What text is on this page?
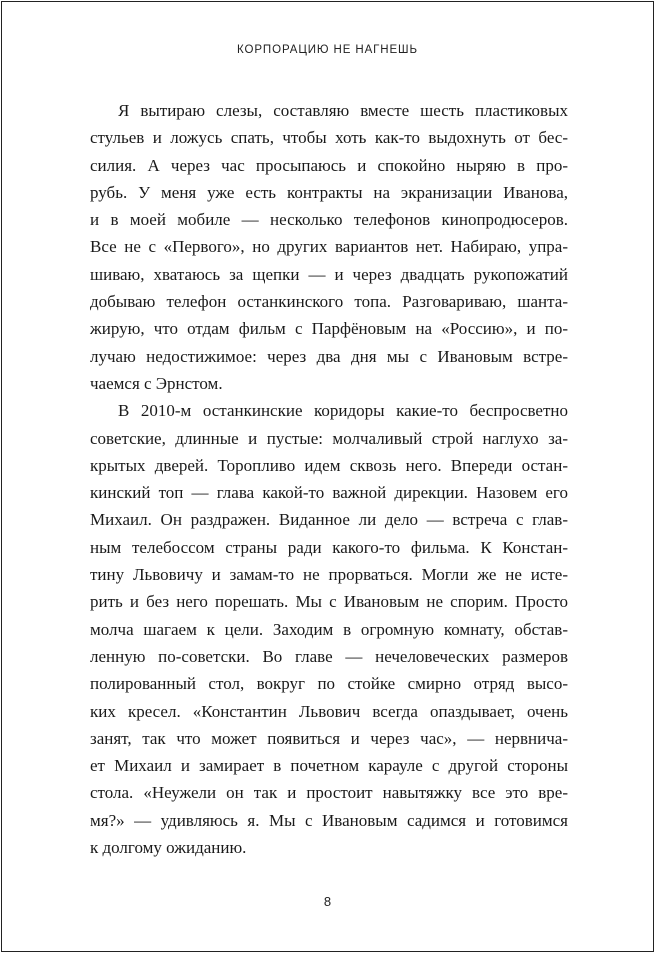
КОРПОРАЦИЮ НЕ НАГНЕШЬ
Я вытираю слезы, составляю вместе шесть пластиковых
стульев и ложусь спать, чтобы хоть как-то выдохнуть от бес-
силия. А через час просыпаюсь и спокойно ныряю в про-
рубь. У меня уже есть контракты на экранизации Иванова,
и в моей мобиле — несколько телефонов кинопродюсеров.
Все не с «Первого», но других вариантов нет. Набираю, упра-
шиваю, хватаюсь за щепки — и через двадцать рукопожатий
добываю телефон останкинского топа. Разговариваю, шанта-
жирую, что отдам фильм с Парфёновым на «Россию», и по-
лучаю недостижимое: через два дня мы с Ивановым встре-
чаемся с Эрнстом.
В 2010-м останкинские коридоры какие-то беспросветно
советские, длинные и пустые: молчаливый строй наглухо за-
крытых дверей. Торопливо идем сквозь него. Впереди остан-
кинский топ — глава какой-то важной дирекции. Назовем его
Михаил. Он раздражен. Виданное ли дело — встреча с глав-
ным телебоссом страны ради какого-то фильма. К Констан-
тину Львовичу и замам-то не прорваться. Могли же не исте-
рить и без него порешать. Мы с Ивановым не спорим. Просто
молча шагаем к цели. Заходим в огромную комнату, обстав-
ленную по-советски. Во главе — нечеловеческих размеров
полированный стол, вокруг по стойке смирно отряд высо-
ких кресел. «Константин Львович всегда опаздывает, очень
занят, так что может появиться и через час», — нервнича-
ет Михаил и замирает в почетном карауле с другой стороны
стола. «Неужели он так и простоит навытяжку все это вре-
мя?» — удивляюсь я. Мы с Ивановым садимся и готовимся
к долгому ожиданию.
8
